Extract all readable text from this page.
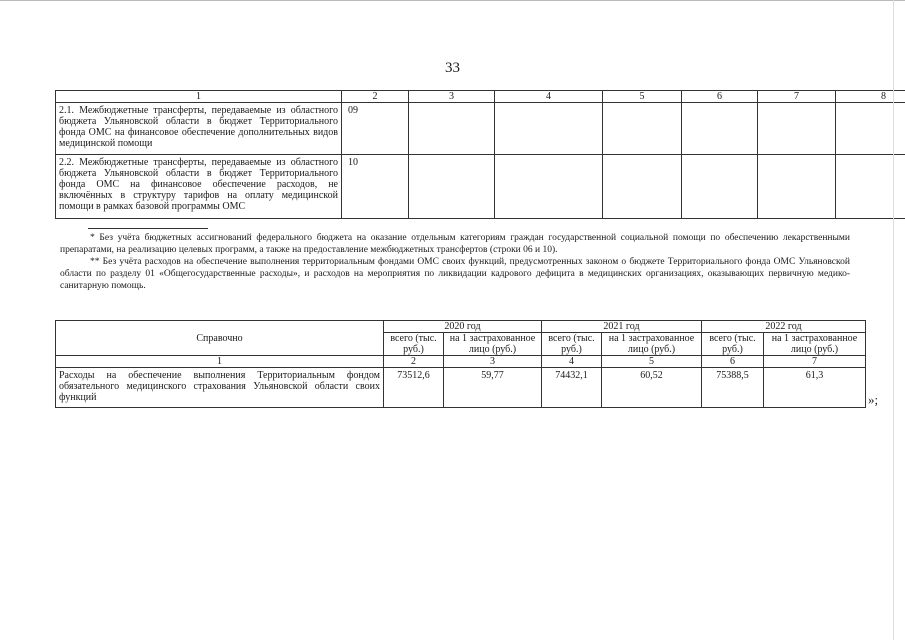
33
1	2	3	4	5	6	7	8
2.1. Межбюджетные трансферты, передаваемые из областного бюджета Ульяновской области в бюджет Территориального фонда ОМС на финансовое обеспечение дополнительных видов медицинской помощи	09						
2.2. Межбюджетные трансферты, передаваемые из областного бюджета Ульяновской области в бюджет Территориального фонда ОМС на финансовое обеспечение расходов, не включённых в структуру тарифов на оплату медицинской помощи в рамках базовой программы ОМС	10						

* Без учёта бюджетных ассигнований федерального бюджета на оказание отдельным категориям граждан государственной социальной помощи по обеспечению лекарственными препаратами, на реализацию целевых программ, а также на предоставление межбюджетных трансфертов (строки 06 и 10).

** Без учёта расходов на обеспечение выполнения территориальным фондами ОМС своих функций, предусмотренных законом о бюджете Территориального фонда ОМС Ульяновской области по разделу 01 «Общегосударственные расходы», и расходов на мероприятия по ликвидации кадрового дефицита в медицинских организациях, оказывающих первичную медико-санитарную помощь.

Справочно	2020 год		2021 год		2022 год	
	всего (тыс. руб.)	на 1 застрахованное лицо (руб.)	всего (тыс. руб.)	на 1 застрахованное лицо (руб.)	всего (тыс. руб.)	на 1 застрахованное лицо (руб.)
1	2	3	4	5	6	7
Расходы на обеспечение выполнения Территориальным фондом обязательного медицинского страхования Ульяновской области своих функций	73512,6	59,77	74432,1	60,52	75388,5	61,3
»;
